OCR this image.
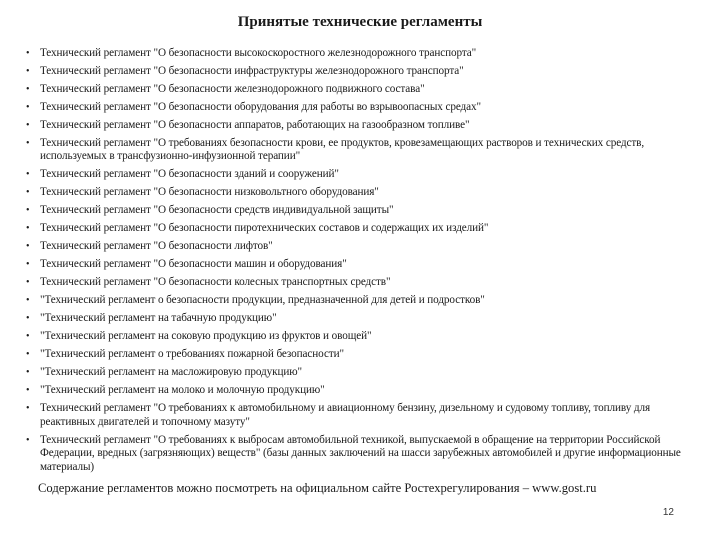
Принятые технические регламенты
• Технический регламент "О безопасности высокоскоростного железнодорожного транспорта"
• Технический регламент "О безопасности инфраструктуры железнодорожного транспорта"
• Технический регламент "О безопасности железнодорожного подвижного состава"
• Технический регламент "О безопасности оборудования для работы во взрывоопасных средах"
• Технический регламент "О безопасности аппаратов, работающих на газообразном топливе"
• Технический регламент "О требованиях безопасности крови, ее продуктов, кровезамещающих растворов и технических средств, используемых в трансфузионно-инфузионной терапии"
• Технический регламент "О безопасности зданий и сооружений"
• Технический регламент "О безопасности низковольтного оборудования"
• Технический регламент "О безопасности средств индивидуальной защиты"
• Технический регламент "О безопасности пиротехнических составов и содержащих их изделий"
• Технический регламент "О безопасности лифтов"
• Технический регламент "О безопасности машин и оборудования"
• Технический регламент "О безопасности колесных транспортных средств"
• "Технический регламент о безопасности продукции, предназначенной для детей и подростков"
• "Технический регламент на табачную продукцию"
• "Технический регламент на соковую продукцию из фруктов и овощей"
• "Технический регламент о требованиях пожарной безопасности"
• "Технический регламент на масложировую продукцию"
• "Технический регламент на молоко и молочную продукцию"
• Технический регламент "О требованиях к автомобильному и авиационному бензину, дизельному и судовому топливу, топливу для реактивных двигателей и топочному мазуту"
• Технический регламент "О требованиях к выбросам автомобильной техникой, выпускаемой в обращение на территории Российской Федерации, вредных (загрязняющих) веществ" (базы данных заключений на шасси зарубежных автомобилей и другие информационные материалы)
Содержание регламентов можно посмотреть на официальном сайте Ростехрегулирования – www.gost.ru
12
